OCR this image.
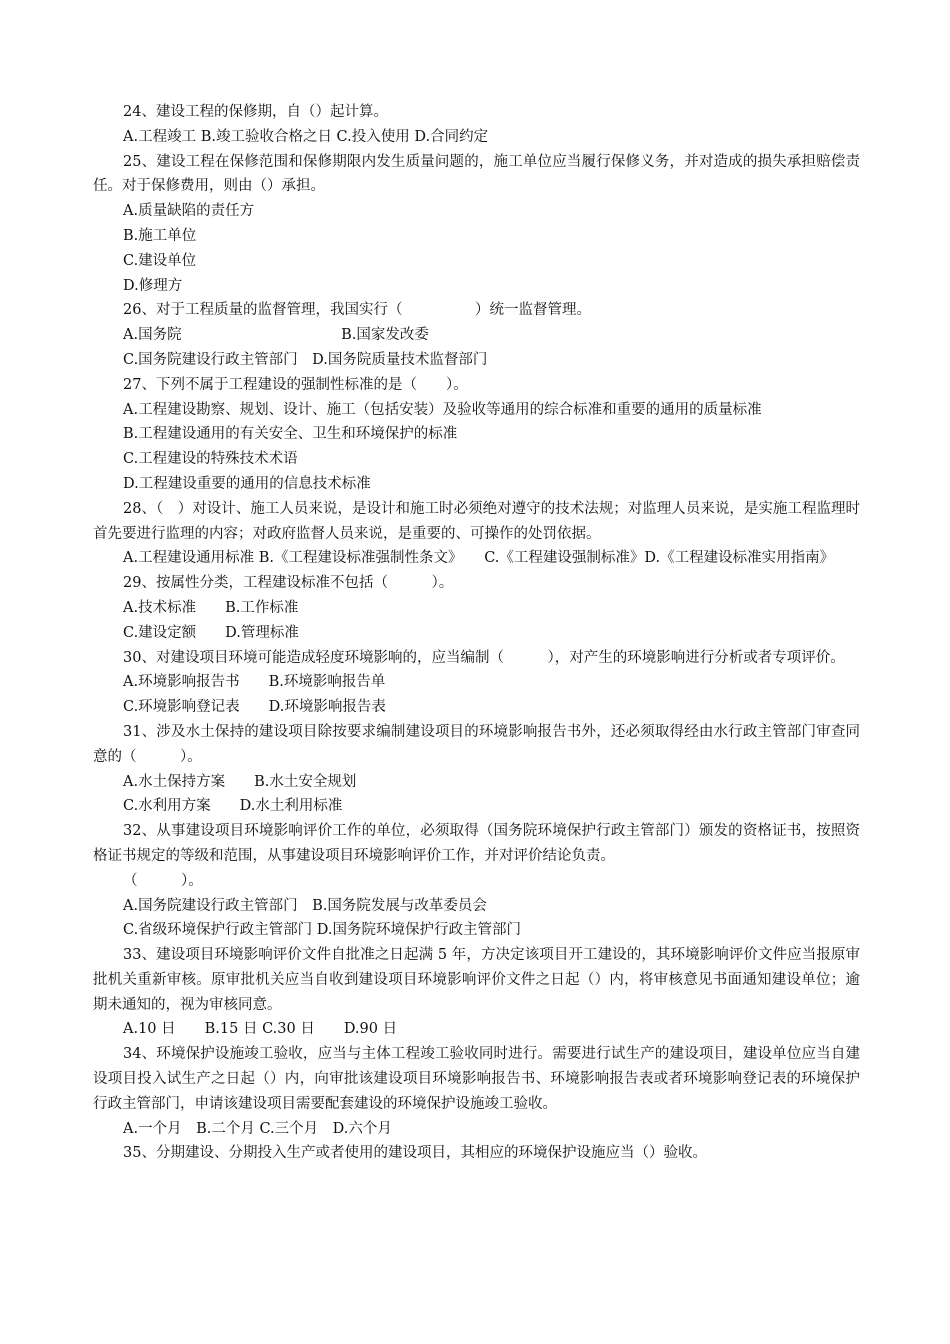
24、建设工程的保修期，自（）起计算。

A.工程竣工 B.竣工验收合格之日 C.投入使用 D.合同约定

25、建设工程在保修范围和保修期限内发生质量问题的，施工单位应当履行保修义务，并对造成的损失承担赔偿责任。对于保修费用，则由（）承担。

A.质量缺陷的责任方

B.施工单位

C.建设单位

D.修理方

26、对于工程质量的监督管理，我国实行（　　　　　）统一监督管理。

A.国务院　　　　　　　　　　　B.国家发改委

C.国务院建设行政主管部门　D.国务院质量技术监督部门

27、下列不属于工程建设的强制性标准的是（　　）。

A.工程建设勘察、规划、设计、施工（包括安装）及验收等通用的综合标准和重要的通用的质量标准

B.工程建设通用的有关安全、卫生和环境保护的标准

C.工程建设的特殊技术术语

D.工程建设重要的通用的信息技术标准

28、（　）对设计、施工人员来说，是设计和施工时必须绝对遵守的技术法规；对监理人员来说，是实施工程监理时首先要进行监理的内容；对政府监督人员来说，是重要的、可操作的处罚依据。

A.工程建设通用标准 B.《工程建设标准强制性条文》　　C.《工程建设强制标准》D.《工程建设标准实用指南》

29、按属性分类，工程建设标准不包括（　　　）。

A.技术标准　　B.工作标准

C.建设定额　　D.管理标准

30、对建设项目环境可能造成轻度环境影响的，应当编制（　　　），对产生的环境影响进行分析或者专项评价。

A.环境影响报告书　　B.环境影响报告单

C.环境影响登记表　　D.环境影响报告表

31、涉及水土保持的建设项目除按要求编制建设项目的环境影响报告书外，还必须取得经由水行政主管部门审查同意的（　　　）。

A.水土保持方案　　B.水土安全规划

C.水利用方案　　D.水土利用标准

32、从事建设项目环境影响评价工作的单位，必须取得（国务院环境保护行政主管部门）颁发的资格证书，按照资格证书规定的等级和范围，从事建设项目环境影响评价工作，并对评价结论负责。

（　　　）。

A.国务院建设行政主管部门　B.国务院发展与改革委员会

C.省级环境保护行政主管部门 D.国务院环境保护行政主管部门

33、建设项目环境影响评价文件自批准之日起满 5 年，方决定该项目开工建设的，其环境影响评价文件应当报原审批机关重新审核。原审批机关应当自收到建设项目环境影响评价文件之日起（）内，将审核意见书面通知建设单位；逾期未通知的，视为审核同意。

A.10 日　　B.15 日 C.30 日　　D.90 日

34、环境保护设施竣工验收，应当与主体工程竣工验收同时进行。需要进行试生产的建设项目，建设单位应当自建设项目投入试生产之日起（）内，向审批该建设项目环境影响报告书、环境影响报告表或者环境影响登记表的环境保护行政主管部门，申请该建设项目需要配套建设的环境保护设施竣工验收。

A.一个月　B.二个月 C.三个月　D.六个月

35、分期建设、分期投入生产或者使用的建设项目，其相应的环境保护设施应当（）验收。
